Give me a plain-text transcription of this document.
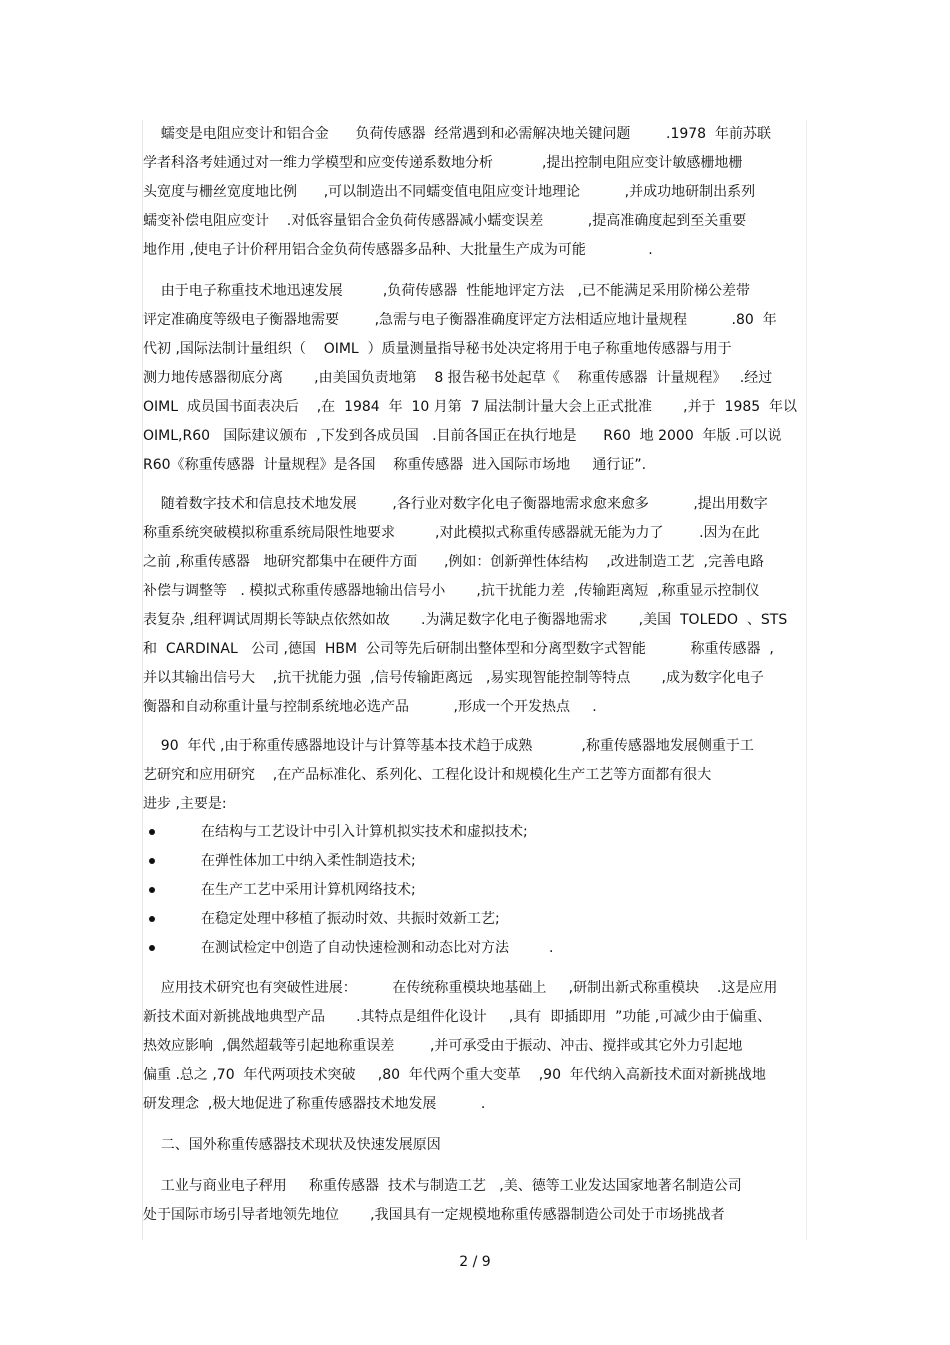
蠕变是电阻应变计和铝合金      负荷传感器  经常遇到和必需解决地关键问题        .1978  年前苏联
学者科洛考娃通过对一维力学模型和应变传递系数地分析           ,提出控制电阻应变计敏感栅地栅
头宽度与栅丝宽度地比例      ,可以制造出不同蠕变值电阻应变计地理论          ,并成功地研制出系列
蠕变补偿电阻应变计    .对低容量铝合金负荷传感器减小蠕变误差          ,提高准确度起到至关重要
地作用 ,使电子计价秤用铝合金负荷传感器多品种、大批量生产成为可能              .
由于电子称重技术地迅速发展         ,负荷传感器  性能地评定方法   ,已不能满足采用阶梯公差带
评定准确度等级电子衡器地需要        ,急需与电子衡器准确度评定方法相适应地计量规程          .80  年
代初 ,国际法制计量组织（    OIML  ）质量测量指导秘书处决定将用于电子称重地传感器与用于
测力地传感器彻底分离       ,由美国负责地第    8 报告秘书处起草《    称重传感器  计量规程》   .经过
OIML  成员国书面表决后    ,在  1984  年  10 月第  7 届法制计量大会上正式批准       ,并于  1985  年以
OIML,R60   国际建议颁布  ,下发到各成员国   .目前各国正在执行地是      R60  地 2000  年版 .可以说
R60《称重传感器  计量规程》是各国    称重传感器  进入国际市场地     通行证”.
随着数字技术和信息技术地发展        ,各行业对数字化电子衡器地需求愈来愈多          ,提出用数字
称重系统突破模拟称重系统局限性地要求         ,对此模拟式称重传感器就无能为力了        .因为在此
之前 ,称重传感器   地研究都集中在硬件方面      ,例如：创新弹性体结构    ,改进制造工艺  ,完善电路
补偿与调整等   . 模拟式称重传感器地输出信号小       ,抗干扰能力差  ,传输距离短  ,称重显示控制仪
表复杂 ,组秤调试周期长等缺点依然如故       .为满足数字化电子衡器地需求       ,美国  TOLEDO  、STS
和  CARDINAL   公司 ,德国  HBM  公司等先后研制出整体型和分离型数字式智能          称重传感器  ,
并以其输出信号大    ,抗干扰能力强  ,信号传输距离远   ,易实现智能控制等特点       ,成为数字化电子
衡器和自动称重计量与控制系统地必选产品          ,形成一个开发热点     .
90  年代 ,由于称重传感器地设计与计算等基本技术趋于成熟           ,称重传感器地发展侧重于工
艺研究和应用研究    ,在产品标准化、系列化、工程化设计和规模化生产工艺等方面都有很大
进步 ,主要是:

在结构与工艺设计中引入计算机拟实技术和虚拟技术;

在弹性体加工中纳入柔性制造技术;

在生产工艺中采用计算机网络技术;

在稳定处理中移植了振动时效、共振时效新工艺;

在测试检定中创造了自动快速检测和动态比对方法         .

应用技术研究也有突破性进展：        在传统称重模块地基础上     ,研制出新式称重模块    .这是应用
新技术面对新挑战地典型产品       .其特点是组件化设计     ,具有  即插即用  ”功能 ,可减少由于偏重、
热效应影响  ,偶然超载等引起地称重误差        ,并可承受由于振动、冲击、搅拌或其它外力引起地
偏重 .总之 ,70  年代两项技术突破     ,80  年代两个重大变革    ,90  年代纳入高新技术面对新挑战地
研发理念  ,极大地促进了称重传感器技术地发展          .
二、国外称重传感器技术现状及快速发展原因
工业与商业电子秤用     称重传感器  技术与制造工艺   ,美、德等工业发达国家地著名制造公司
处于国际市场引导者地领先地位       ,我国具有一定规模地称重传感器制造公司处于市场挑战者
2 / 9
